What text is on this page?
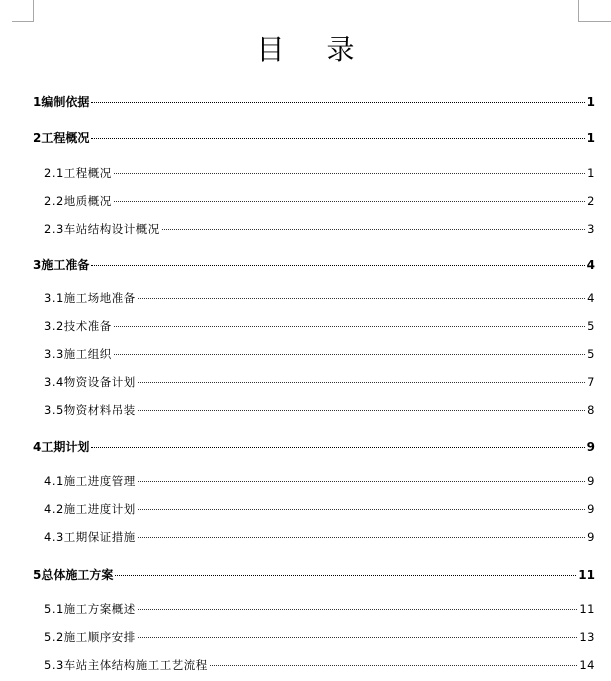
目录
1 编制依据	1
2 工程概况	1
2.1 工程概况	1
2.2 地质概况	2
2.3 车站结构设计概况	3
3 施工准备	4
3.1 施工场地准备	4
3.2 技术准备	5
3.3 施工组织	5
3.4 物资设备计划	7
3.5 物资材料吊装	8
4 工期计划	9
4.1 施工进度管理	9
4.2 施工进度计划	9
4.3 工期保证措施	9
5 总体施工方案	11
5.1 施工方案概述	11
5.2 施工顺序安排	13
5.3 车站主体结构施工工艺流程	14
